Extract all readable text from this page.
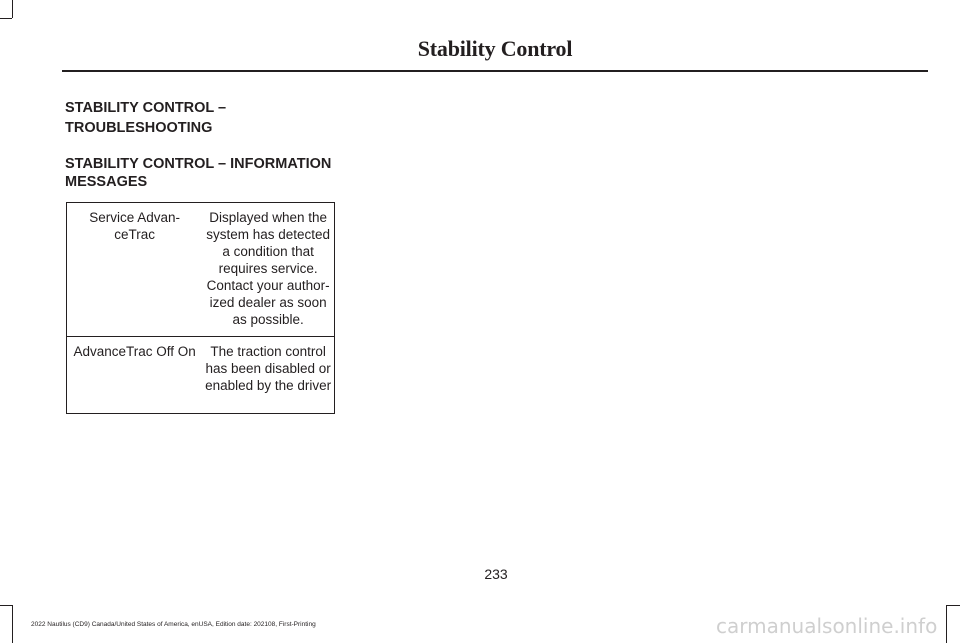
Stability Control
STABILITY CONTROL –
TROUBLESHOOTING
STABILITY CONTROL – INFORMATION
MESSAGES
Service Advan-ceTrac	Displayed when the system has detected a condition that requires service. Contact your author-ized dealer as soon as possible.
AdvanceTrac Off On	The traction control has been disabled or enabled by the driver
233
2022 Nautilus (CD9) Canada/United States of America, enUSA, Edition date: 202108, First-Printing	carmanualsonline.info
